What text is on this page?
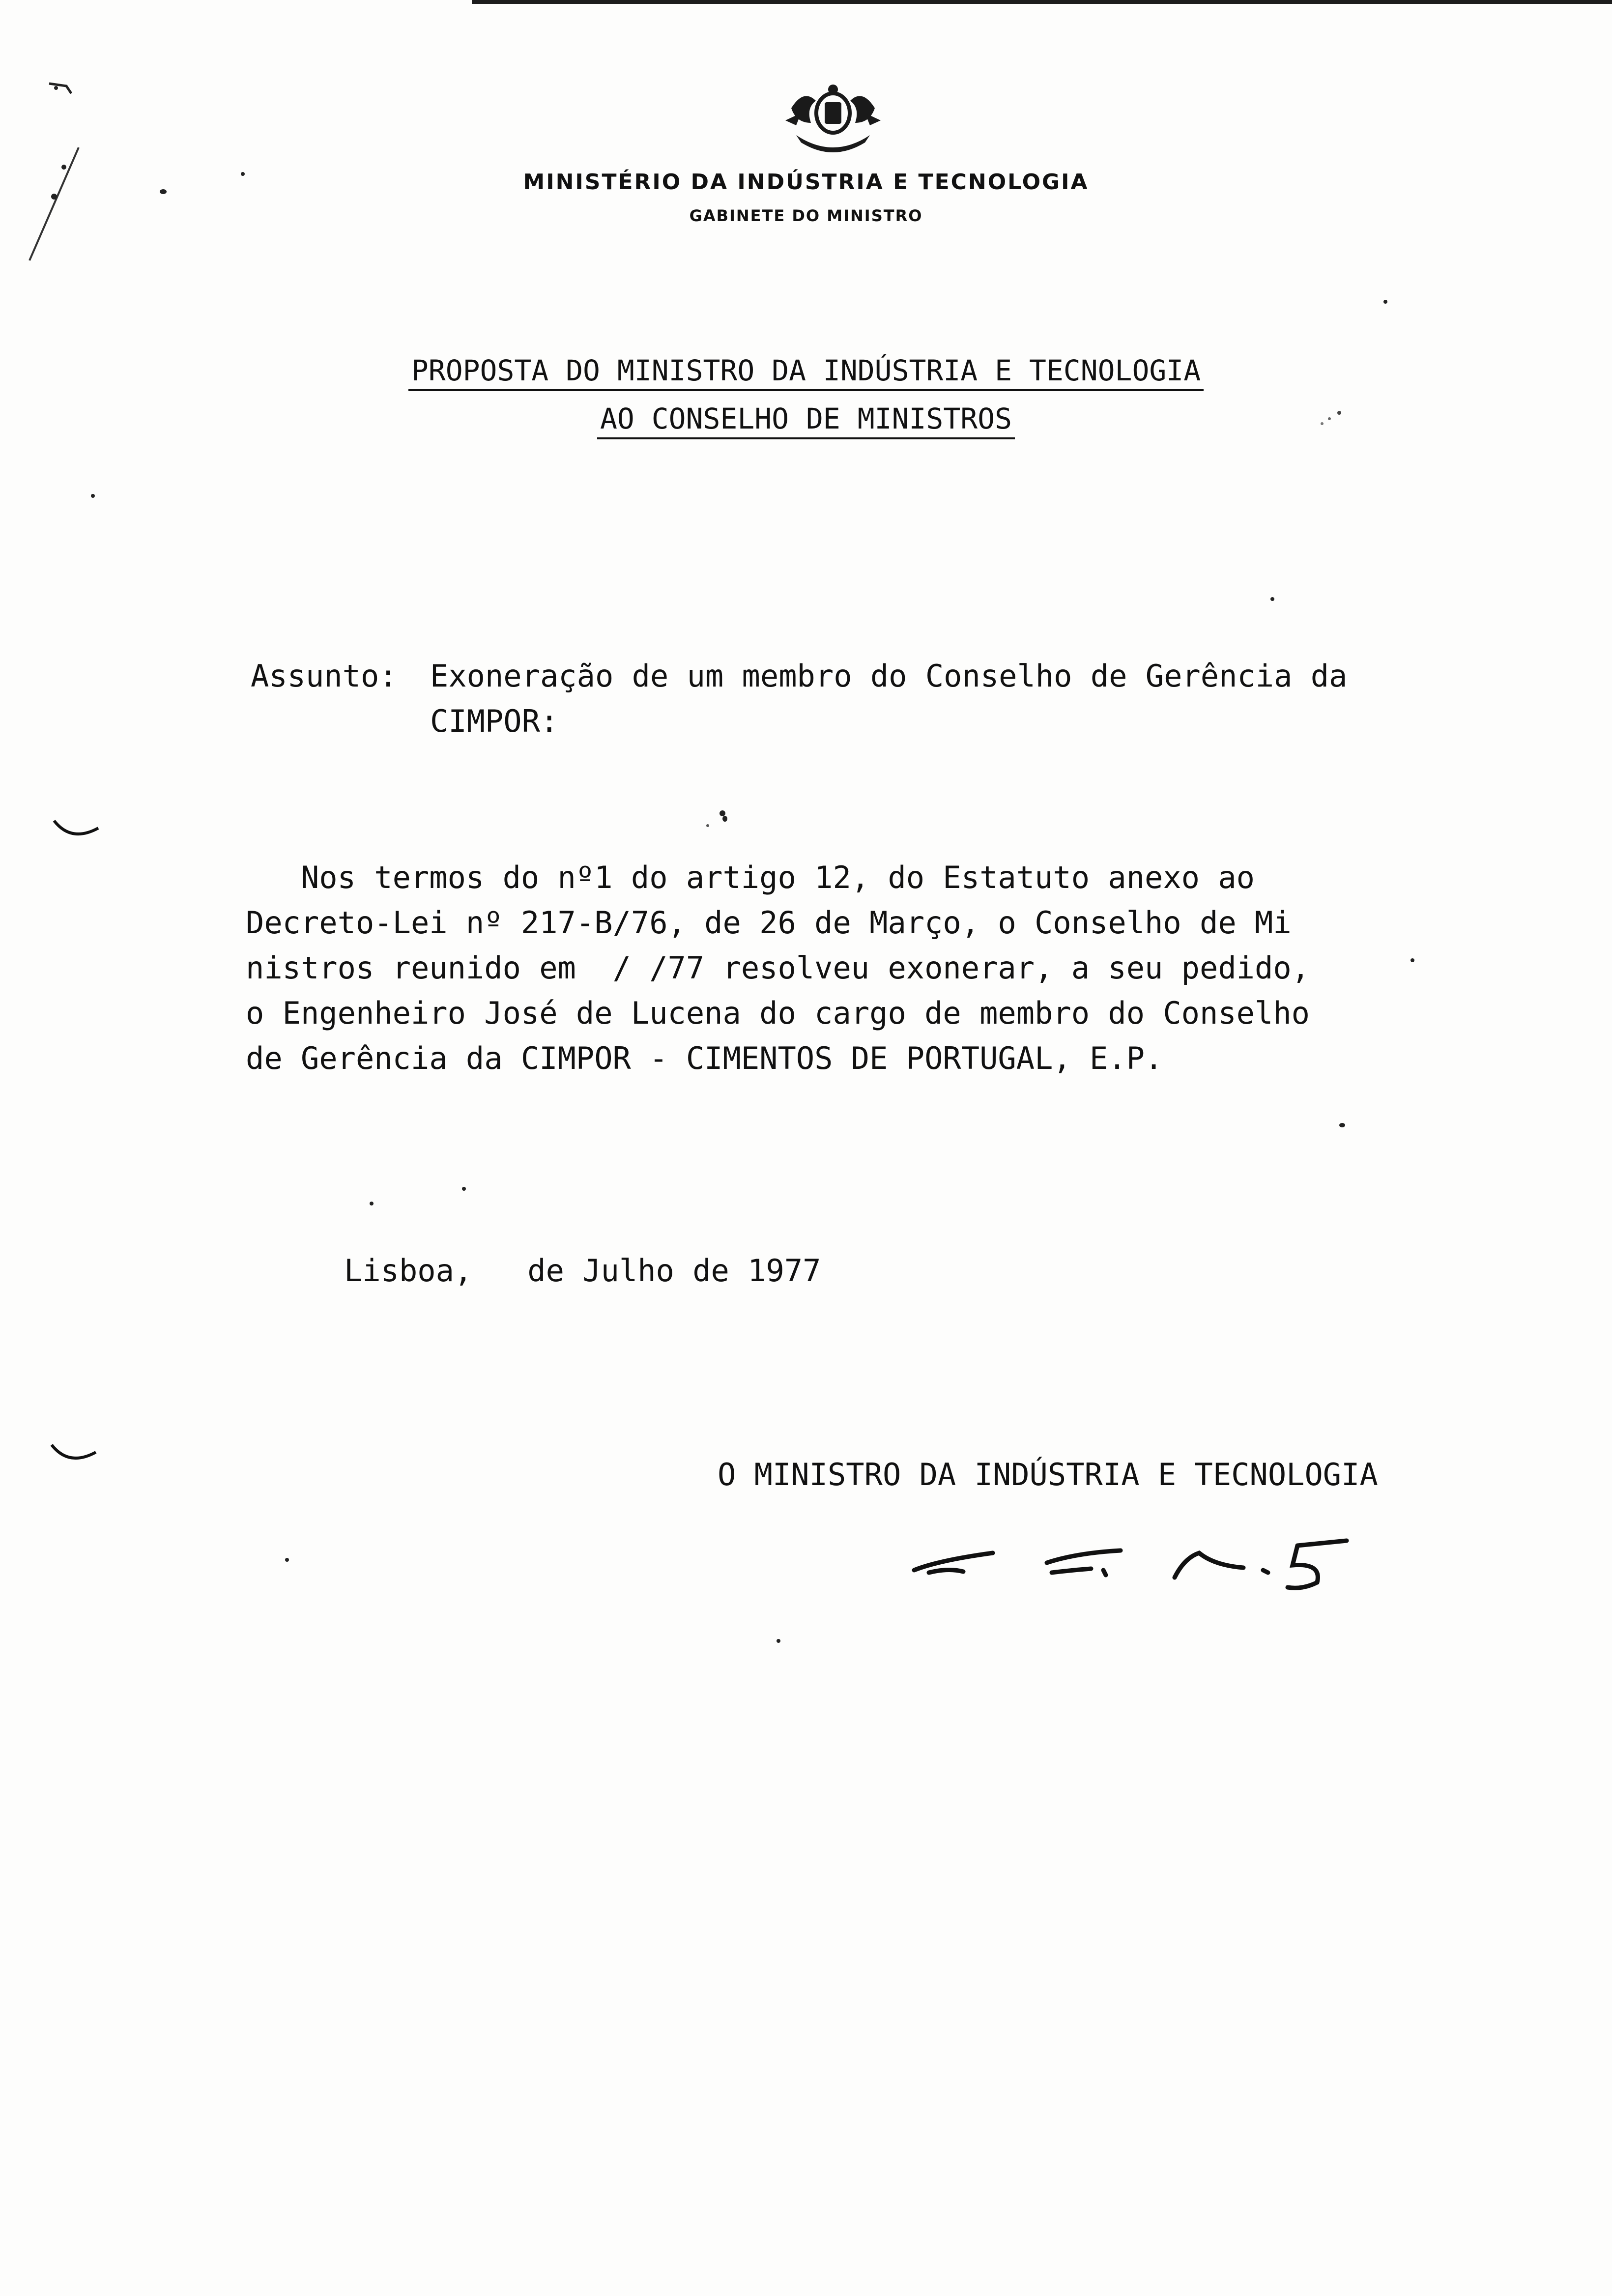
MINISTÉRIO DA INDÚSTRIA E TECNOLOGIA
GABINETE DO MINISTRO
PROPOSTA DO MINISTRO DA INDÚSTRIA E TECNOLOGIA
AO CONSELHO DE MINISTROS
Assunto: Exoneração de um membro do Conselho de Gerência da
CIMPOR:
Nos termos do nº1 do artigo 12, do Estatuto anexo ao
Decreto-Lei nº 217-B/76, de 26 de Março, o Conselho de Mi
nistros reunido em  / /77 resolveu exonerar, a seu pedido,
o Engenheiro José de Lucena do cargo de membro do Conselho
de Gerência da CIMPOR - CIMENTOS DE PORTUGAL, E.P.
Lisboa,   de Julho de 1977
O MINISTRO DA INDÚSTRIA E TECNOLOGIA
